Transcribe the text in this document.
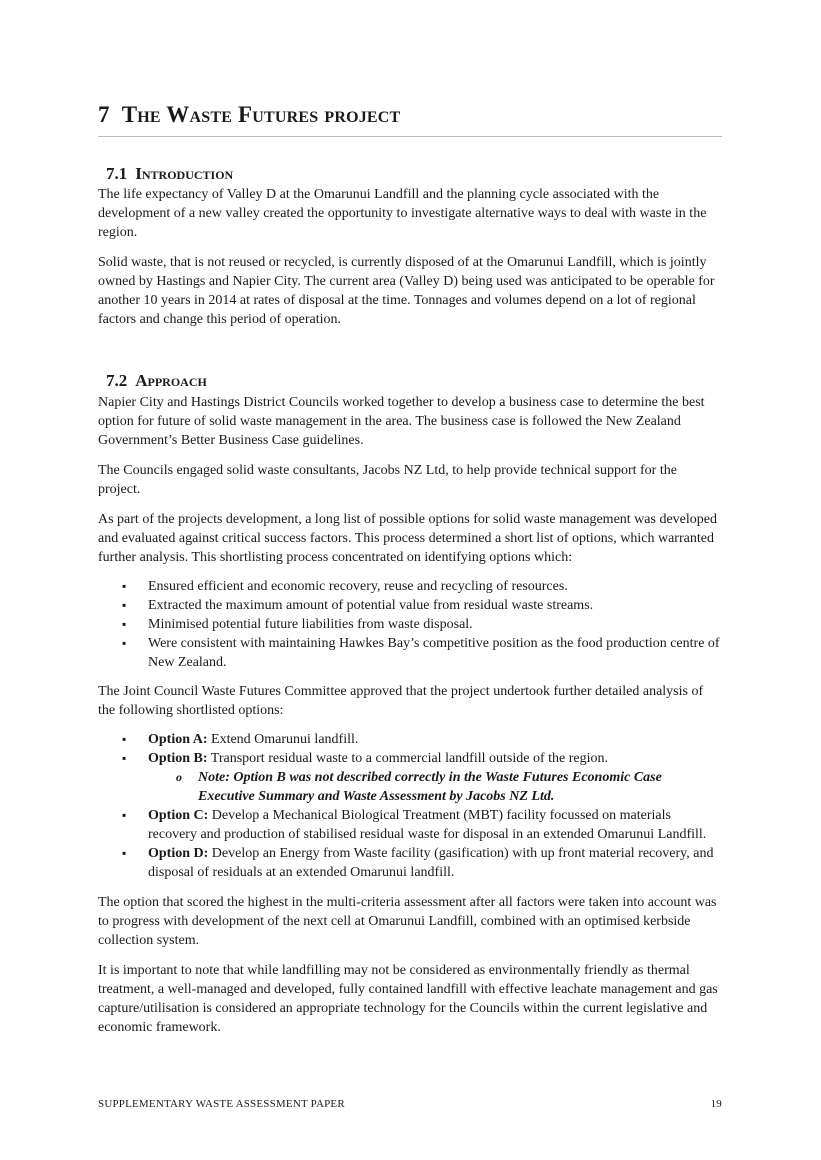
7 The Waste Futures project
7.1 Introduction

The life expectancy of Valley D at the Omarunui Landfill and the planning cycle associated with the development of a new valley created the opportunity to investigate alternative ways to deal with waste in the region.

Solid waste, that is not reused or recycled, is currently disposed of at the Omarunui Landfill, which is jointly owned by Hastings and Napier City. The current area (Valley D) being used was anticipated to be operable for another 10 years in 2014 at rates of disposal at the time. Tonnages and volumes depend on a lot of regional factors and change this period of operation.

7.2 Approach

Napier City and Hastings District Councils worked together to develop a business case to determine the best option for future of solid waste management in the area. The business case is followed the New Zealand Government’s Better Business Case guidelines.

The Councils engaged solid waste consultants, Jacobs NZ Ltd, to help provide technical support for the project.

As part of the projects development, a long list of possible options for solid waste management was developed and evaluated against critical success factors. This process determined a short list of options, which warranted further analysis. This shortlisting process concentrated on identifying options which:

▪ Ensured efficient and economic recovery, reuse and recycling of resources.
▪ Extracted the maximum amount of potential value from residual waste streams.
▪ Minimised potential future liabilities from waste disposal.
▪ Were consistent with maintaining Hawkes Bay’s competitive position as the food production centre of New Zealand.

The Joint Council Waste Futures Committee approved that the project undertook further detailed analysis of the following shortlisted options:

▪ Option A: Extend Omarunui landfill.
▪ Option B: Transport residual waste to a commercial landfill outside of the region.
o Note: Option B was not described correctly in the Waste Futures Economic Case Executive Summary and Waste Assessment by Jacobs NZ Ltd.
▪ Option C: Develop a Mechanical Biological Treatment (MBT) facility focussed on materials recovery and production of stabilised residual waste for disposal in an extended Omarunui Landfill.
▪ Option D: Develop an Energy from Waste facility (gasification) with up front material recovery, and disposal of residuals at an extended Omarunui landfill.

The option that scored the highest in the multi-criteria assessment after all factors were taken into account was to progress with development of the next cell at Omarunui Landfill, combined with an optimised kerbside collection system.

It is important to note that while landfilling may not be considered as environmentally friendly as thermal treatment, a well-managed and developed, fully contained landfill with effective leachate management and gas capture/utilisation is considered an appropriate technology for the Councils within the current legislative and economic framework.

SUPPLEMENTARY WASTE ASSESSMENT PAPER	19
